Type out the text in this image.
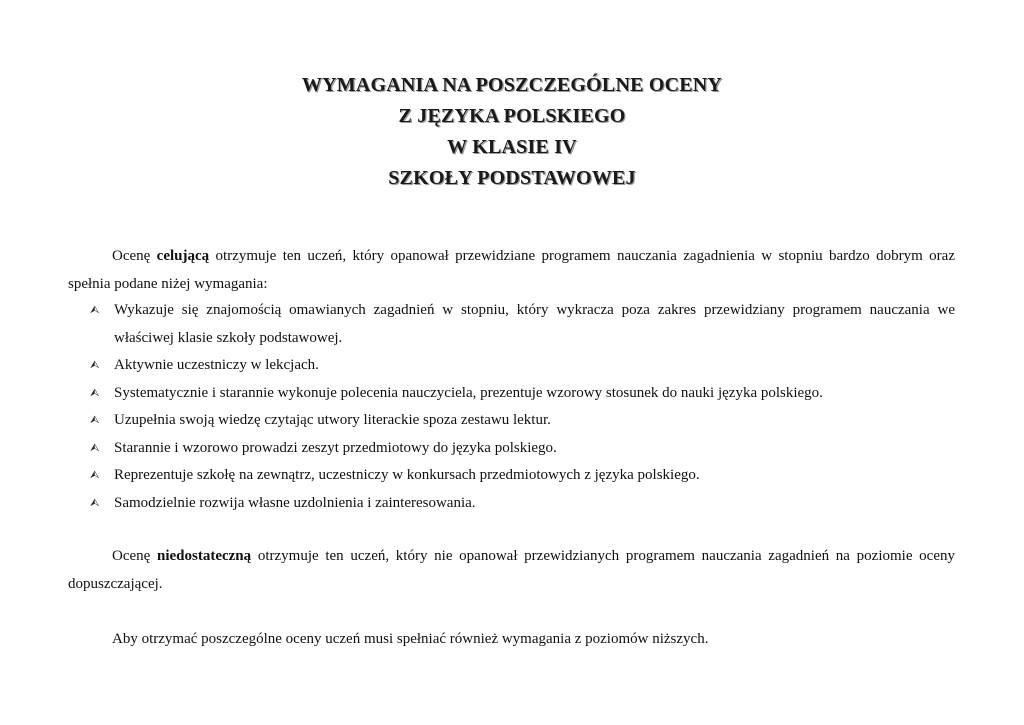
WYMAGANIA NA POSZCZEGÓLNE OCENY
Z JĘZYKA POLSKIEGO
W KLASIE IV
SZKOŁY PODSTAWOWEJ

Ocenę celującą otrzymuje ten uczeń, który opanował przewidziane programem nauczania zagadnienia w stopniu bardzo dobrym oraz spełnia podane niżej wymagania:

⮙ Wykazuje się znajomością omawianych zagadnień w stopniu, który wykracza poza zakres przewidziany programem nauczania we właściwej klasie szkoły podstawowej.
⮙ Aktywnie uczestniczy w lekcjach.
⮙ Systematycznie i starannie wykonuje polecenia nauczyciela, prezentuje wzorowy stosunek do nauki języka polskiego.
⮙ Uzupełnia swoją wiedzę czytając utwory literackie spoza zestawu lektur.
⮙ Starannie i wzorowo prowadzi zeszyt przedmiotowy do języka polskiego.
⮙ Reprezentuje szkołę na zewnątrz, uczestniczy w konkursach przedmiotowych z języka polskiego.
⮙ Samodzielnie rozwija własne uzdolnienia i zainteresowania.

Ocenę niedostateczną otrzymuje ten uczeń, który nie opanował przewidzianych programem nauczania zagadnień na poziomie oceny dopuszczającej.

Aby otrzymać poszczególne oceny uczeń musi spełniać również wymagania z poziomów niższych.
